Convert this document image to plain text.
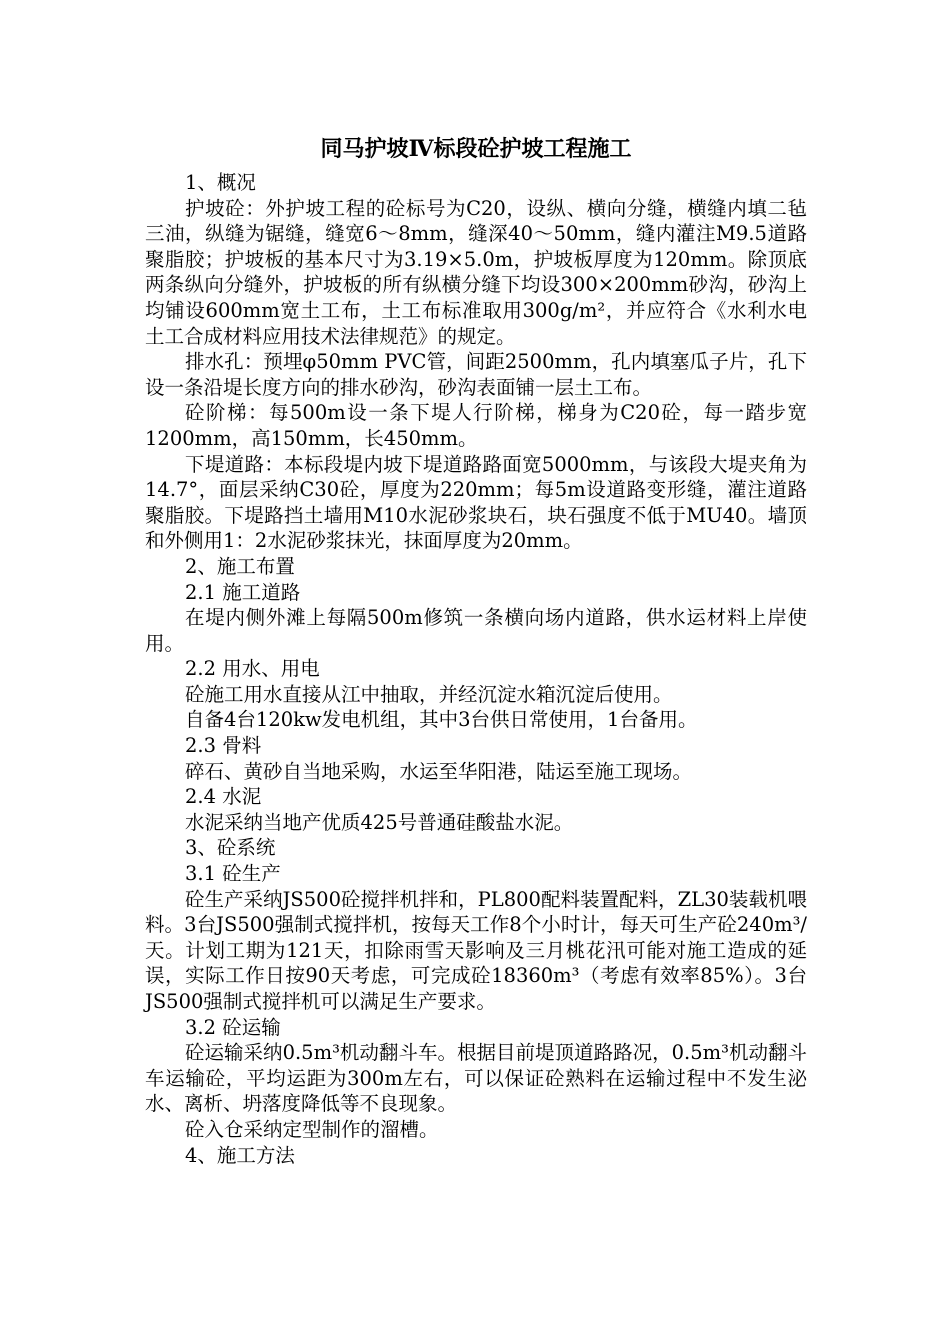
同马护坡Ⅳ标段砼护坡工程施工

1、概况

护坡砼：外护坡工程的砼标号为C20，设纵、横向分缝，横缝内填二毡三油，纵缝为锯缝，缝宽6～8mm，缝深40～50mm，缝内灌注M9.5道路聚脂胶；护坡板的基本尺寸为3.19×5.0m，护坡板厚度为120mm。除顶底两条纵向分缝外，护坡板的所有纵横分缝下均设300×200mm砂沟，砂沟上均铺设600mm宽土工布，土工布标准取用300g/m²，并应符合《水利水电土工合成材料应用技术法律规范》的规定。

排水孔：预埋φ50mm PVC管，间距2500mm，孔内填塞瓜子片，孔下设一条沿堤长度方向的排水砂沟，砂沟表面铺一层土工布。

砼阶梯：每500m设一条下堤人行阶梯，梯身为C20砼，每一踏步宽1200mm，高150mm，长450mm。

下堤道路：本标段堤内坡下堤道路路面宽5000mm，与该段大堤夹角为14.7°，面层采纳C30砼，厚度为220mm；每5m设道路变形缝，灌注道路聚脂胶。下堤路挡土墙用M10水泥砂浆块石，块石强度不低于MU40。墙顶和外侧用1：2水泥砂浆抹光，抹面厚度为20mm。

2、施工布置

2.1 施工道路

在堤内侧外滩上每隔500m修筑一条横向场内道路，供水运材料上岸使用。

2.2 用水、用电

砼施工用水直接从江中抽取，并经沉淀水箱沉淀后使用。

自备4台120kw发电机组，其中3台供日常使用，1台备用。

2.3 骨料

碎石、黄砂自当地采购，水运至华阳港，陆运至施工现场。

2.4 水泥

水泥采纳当地产优质425号普通硅酸盐水泥。

3、砼系统

3.1 砼生产

砼生产采纳JS500砼搅拌机拌和，PL800配料装置配料，ZL30装载机喂料。3台JS500强制式搅拌机，按每天工作8个小时计，每天可生产砼240m³/天。计划工期为121天，扣除雨雪天影响及三月桃花汛可能对施工造成的延误，实际工作日按90天考虑，可完成砼18360m³（考虑有效率85%）。3台JS500强制式搅拌机可以满足生产要求。

3.2 砼运输

砼运输采纳0.5m³机动翻斗车。根据目前堤顶道路路况，0.5m³机动翻斗车运输砼，平均运距为300m左右，可以保证砼熟料在运输过程中不发生泌水、离析、坍落度降低等不良现象。

砼入仓采纳定型制作的溜槽。

4、施工方法
